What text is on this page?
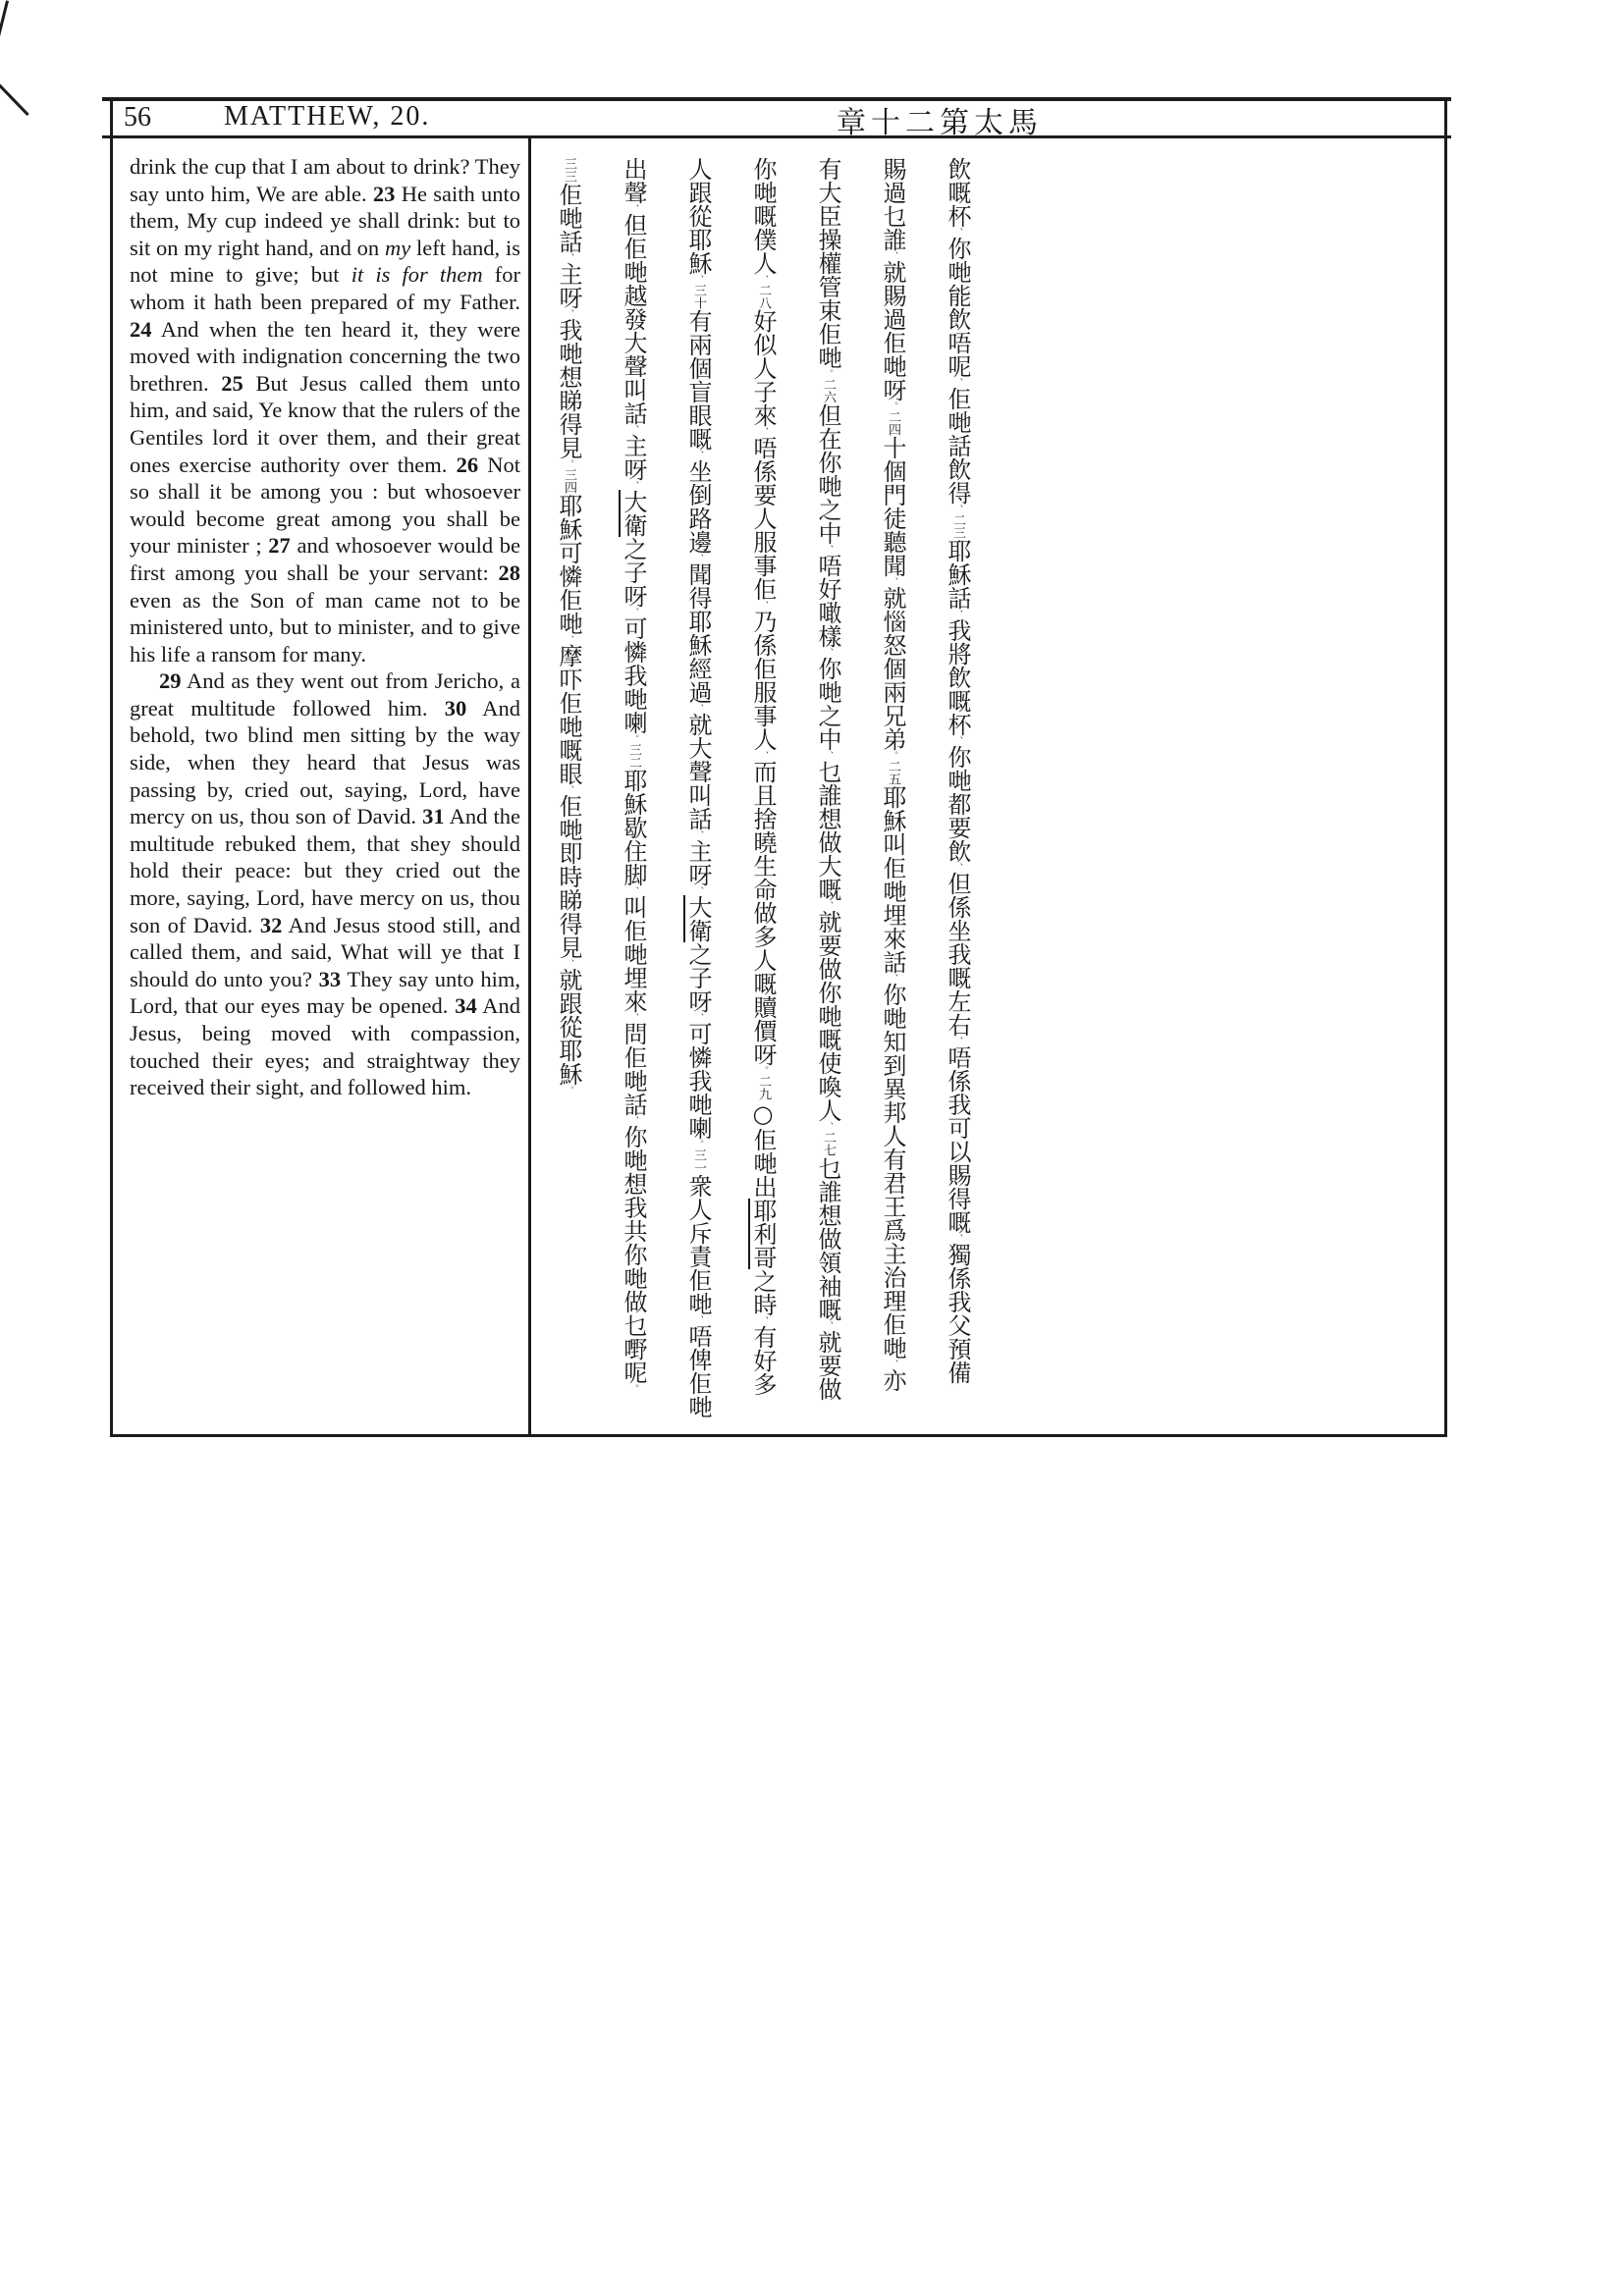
56	MATTHEW, 20.	章十二第太馬

drink the cup that I am about to drink? They say unto him, We are able. 23 He saith unto them, My cup indeed ye shall drink: but to sit on my right hand, and on my left hand, is not mine to give; but it is for them for whom it hath been prepared of my Father. 24 And when the ten heard it, they were moved with indignation concerning the two brethren. 25 But Jesus called them unto him, and said, Ye know that the rulers of the Gentiles lord it over them, and their great ones exercise authority over them. 26 Not so shall it be among you : but whosoever would become great among you shall be your minister ; 27 and whosoever would be first among you shall be your servant: 28 even as the Son of man came not to be ministered unto, but to minister, and to give his life a ransom for many.

29 And as they went out from Jericho, a great multitude followed him. 30 And behold, two blind men sitting by the way side, when they heard that Jesus was passing by, cried out, saying, Lord, have mercy on us, thou son of David. 31 And the multitude rebuked them, that shey should hold their peace: but they cried out the more, saying, Lord, have mercy on us, thou son of David. 32 And Jesus stood still, and called them, and said, What will ye that I should do unto you? 33 They say unto him, Lord, that our eyes may be opened. 34 And Jesus, being moved with compassion, touched their eyes; and straightway they received their sight, and followed him.

飲嘅杯、你哋能飲唔呢、佢哋話飲得、二三耶穌話、我將飲嘅杯、你哋都要飲、但係坐我嘅左右、唔係我可以賜得嘅、獨係我父預備
賜過乜誰、就賜過佢哋呀。二四十個門徒聽聞、就惱怒個兩兄弟。二五耶穌叫佢哋埋來話、你哋知到異邦人有君王爲主治理佢哋、亦
有大臣操權管束佢哋。二六但在你哋之中、唔好噉樣、你哋之中、乜誰想做大嘅、就要做你哋嘅使喚人、二七乜誰想做領袖嘅、就要做
你哋嘅僕人、二八好似人子來、唔係要人服事佢、乃係佢服事人、而且捨曉生命做多人嘅贖價呀。二九○佢哋出耶利哥之時、有好多
人跟從耶穌、三十有兩個盲眼嘅、坐倒路邊、聞得耶穌經過、就大聲叫話、主呀、大衛之子呀、可憐我哋喇。三一衆人斥責佢哋、唔俾佢哋
出聲、但佢哋越發大聲叫話、主呀、大衛之子呀、可憐我哋喇。三二耶穌歇住脚、叫佢哋埋來、問佢哋話、你哋想我共你哋做乜嘢呢。
三三佢哋話、主呀、我哋想睇得見。三四耶穌可憐佢哋、摩吓佢哋嘅眼、佢哋即時睇得見、就跟從耶穌。
